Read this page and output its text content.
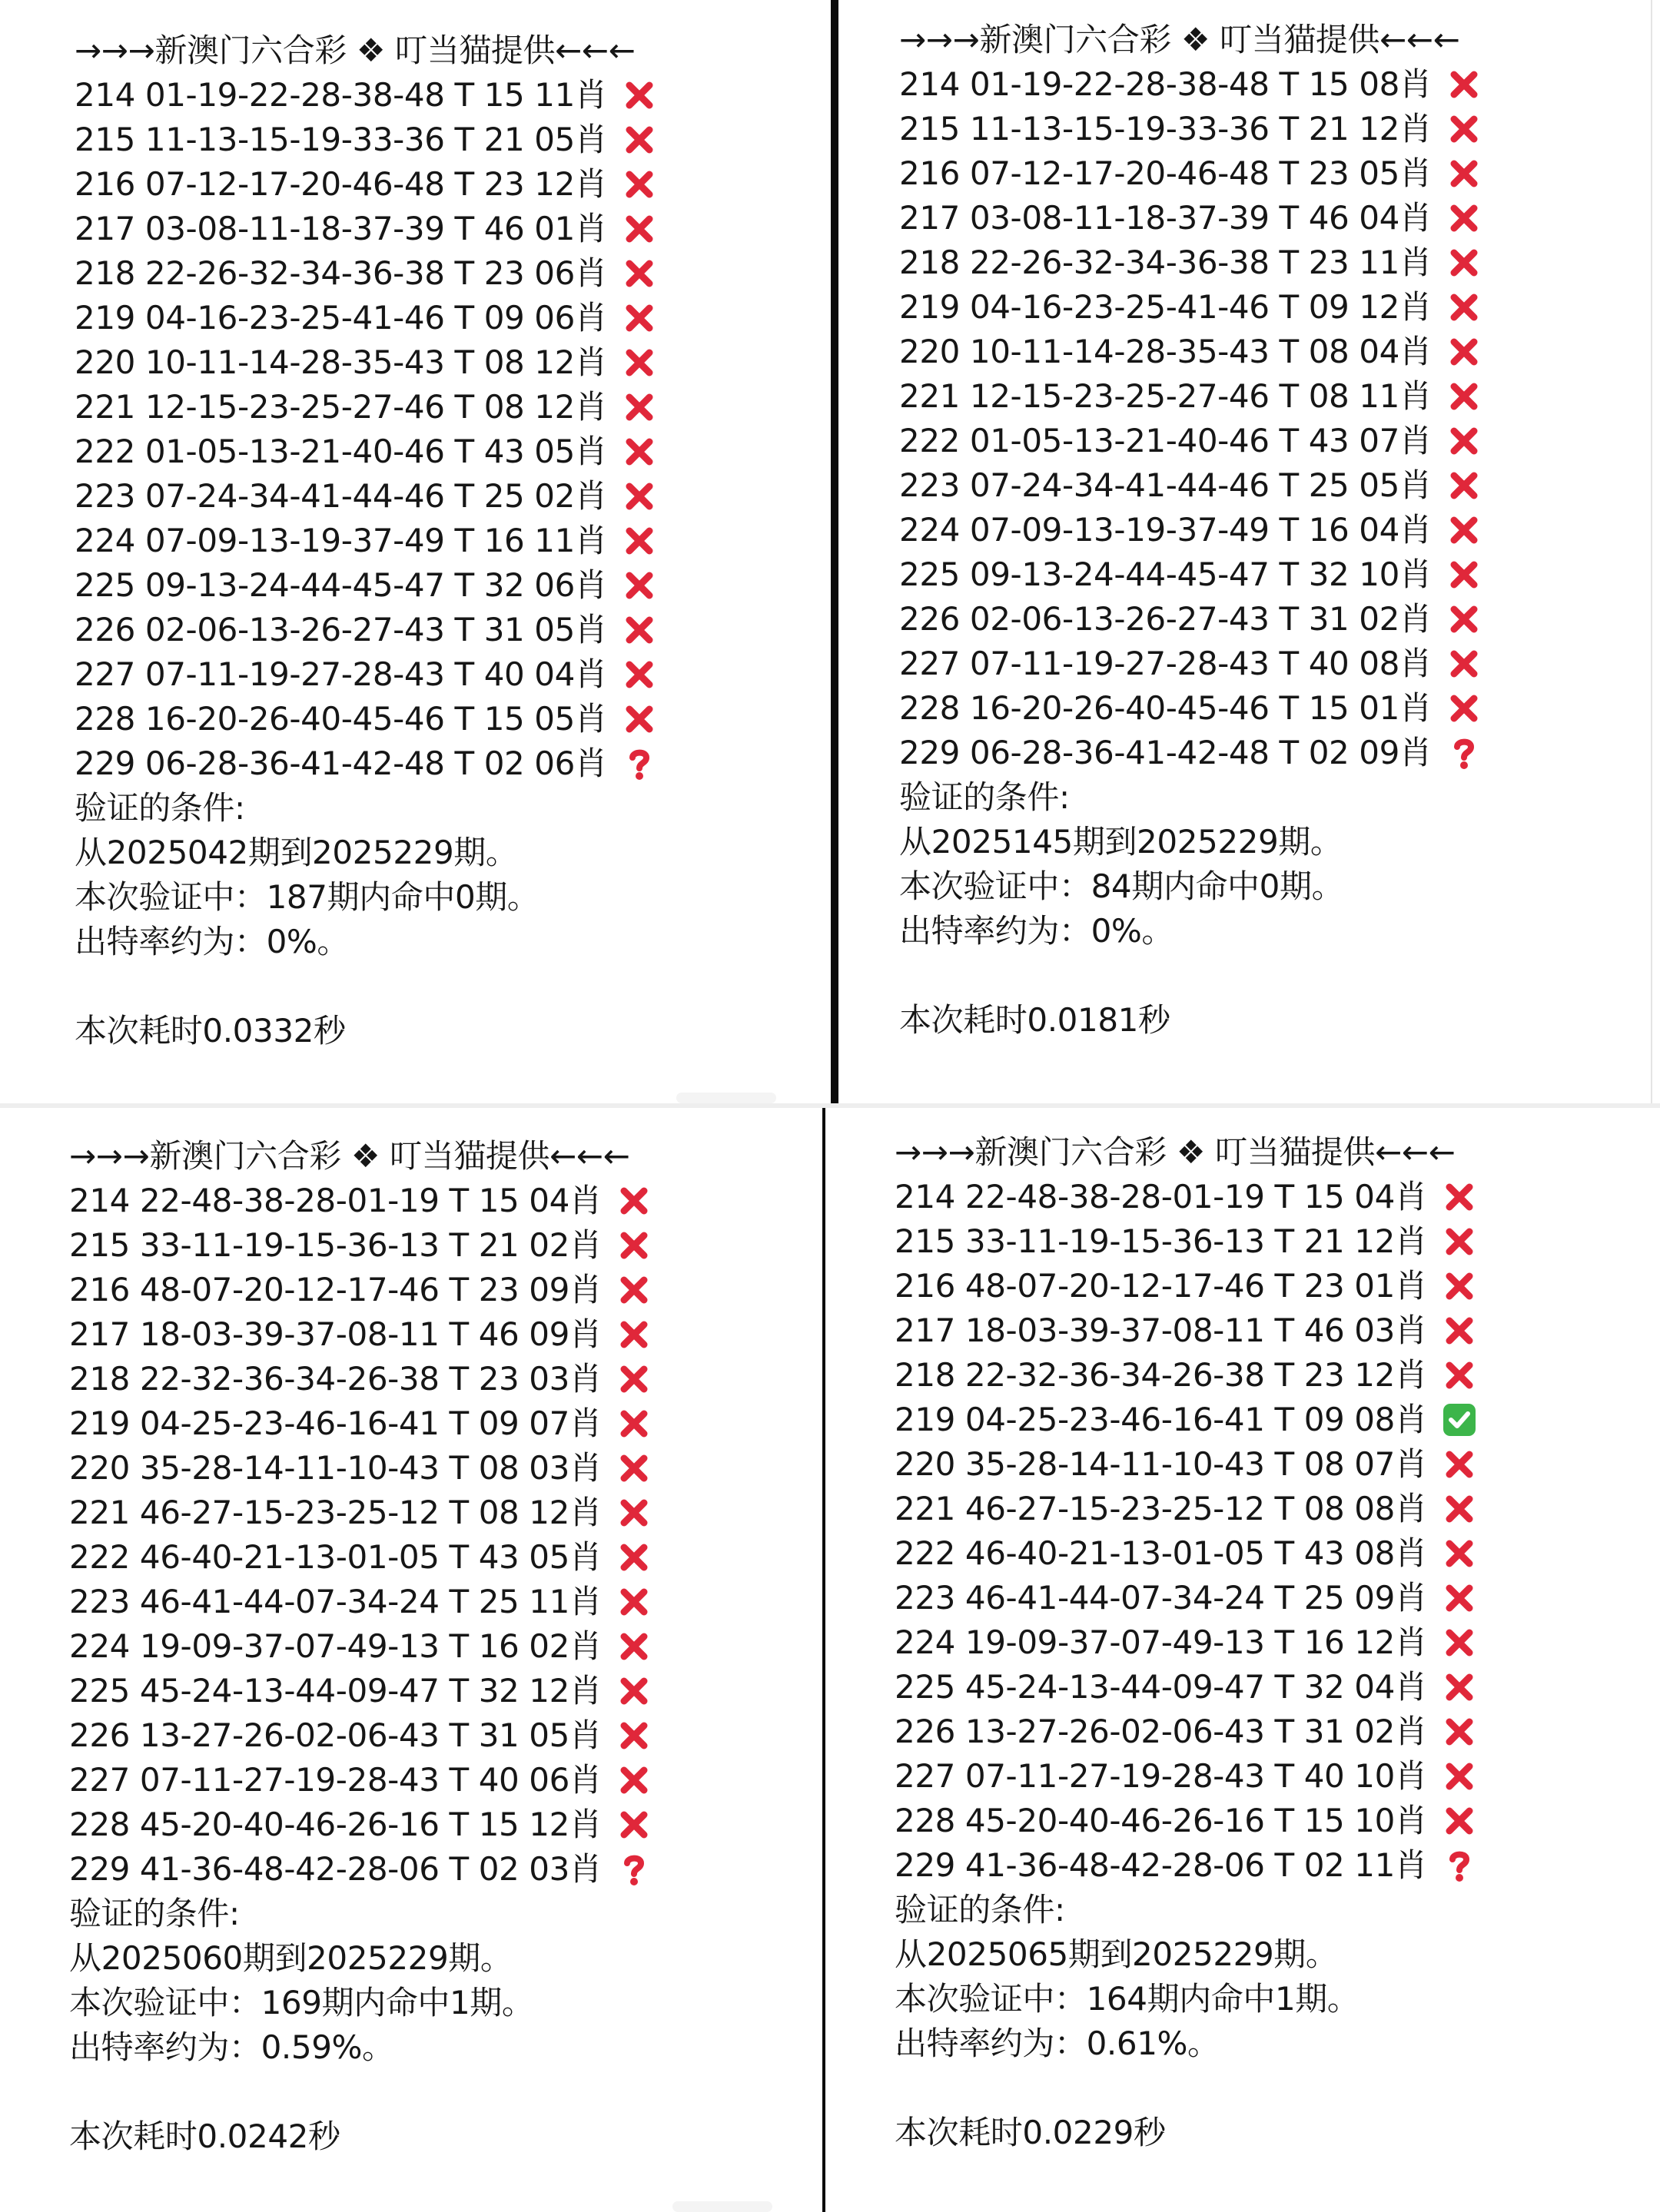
→→→新澳门六合彩 ❖ 叮当猫提供←←←
214 01-19-22-28-38-48 T 15 11肖
215 11-13-15-19-33-36 T 21 05肖
216 07-12-17-20-46-48 T 23 12肖
217 03-08-11-18-37-39 T 46 01肖
218 22-26-32-34-36-38 T 23 06肖
219 04-16-23-25-41-46 T 09 06肖
220 10-11-14-28-35-43 T 08 12肖
221 12-15-23-25-27-46 T 08 12肖
222 01-05-13-21-40-46 T 43 05肖
223 07-24-34-41-44-46 T 25 02肖
224 07-09-13-19-37-49 T 16 11肖
225 09-13-24-44-45-47 T 32 06肖
226 02-06-13-26-27-43 T 31 05肖
227 07-11-19-27-28-43 T 40 04肖
228 16-20-26-40-45-46 T 15 05肖
229 06-28-36-41-42-48 T 02 06肖
验证的条件:
从2025042期到2025229期。
本次验证中：187期内命中0期。
出特率约为：0%。
本次耗时0.0332秒
→→→新澳门六合彩 ❖ 叮当猫提供←←←
214 01-19-22-28-38-48 T 15 08肖
215 11-13-15-19-33-36 T 21 12肖
216 07-12-17-20-46-48 T 23 05肖
217 03-08-11-18-37-39 T 46 04肖
218 22-26-32-34-36-38 T 23 11肖
219 04-16-23-25-41-46 T 09 12肖
220 10-11-14-28-35-43 T 08 04肖
221 12-15-23-25-27-46 T 08 11肖
222 01-05-13-21-40-46 T 43 07肖
223 07-24-34-41-44-46 T 25 05肖
224 07-09-13-19-37-49 T 16 04肖
225 09-13-24-44-45-47 T 32 10肖
226 02-06-13-26-27-43 T 31 02肖
227 07-11-19-27-28-43 T 40 08肖
228 16-20-26-40-45-46 T 15 01肖
229 06-28-36-41-42-48 T 02 09肖
验证的条件:
从2025145期到2025229期。
本次验证中：84期内命中0期。
出特率约为：0%。
本次耗时0.0181秒
→→→新澳门六合彩 ❖ 叮当猫提供←←←
214 22-48-38-28-01-19 T 15 04肖
215 33-11-19-15-36-13 T 21 02肖
216 48-07-20-12-17-46 T 23 09肖
217 18-03-39-37-08-11 T 46 09肖
218 22-32-36-34-26-38 T 23 03肖
219 04-25-23-46-16-41 T 09 07肖
220 35-28-14-11-10-43 T 08 03肖
221 46-27-15-23-25-12 T 08 12肖
222 46-40-21-13-01-05 T 43 05肖
223 46-41-44-07-34-24 T 25 11肖
224 19-09-37-07-49-13 T 16 02肖
225 45-24-13-44-09-47 T 32 12肖
226 13-27-26-02-06-43 T 31 05肖
227 07-11-27-19-28-43 T 40 06肖
228 45-20-40-46-26-16 T 15 12肖
229 41-36-48-42-28-06 T 02 03肖
验证的条件:
从2025060期到2025229期。
本次验证中：169期内命中1期。
出特率约为：0.59%。
本次耗时0.0242秒
→→→新澳门六合彩 ❖ 叮当猫提供←←←
214 22-48-38-28-01-19 T 15 04肖
215 33-11-19-15-36-13 T 21 12肖
216 48-07-20-12-17-46 T 23 01肖
217 18-03-39-37-08-11 T 46 03肖
218 22-32-36-34-26-38 T 23 12肖
219 04-25-23-46-16-41 T 09 08肖
220 35-28-14-11-10-43 T 08 07肖
221 46-27-15-23-25-12 T 08 08肖
222 46-40-21-13-01-05 T 43 08肖
223 46-41-44-07-34-24 T 25 09肖
224 19-09-37-07-49-13 T 16 12肖
225 45-24-13-44-09-47 T 32 04肖
226 13-27-26-02-06-43 T 31 02肖
227 07-11-27-19-28-43 T 40 10肖
228 45-20-40-46-26-16 T 15 10肖
229 41-36-48-42-28-06 T 02 11肖
验证的条件:
从2025065期到2025229期。
本次验证中：164期内命中1期。
出特率约为：0.61%。
本次耗时0.0229秒
